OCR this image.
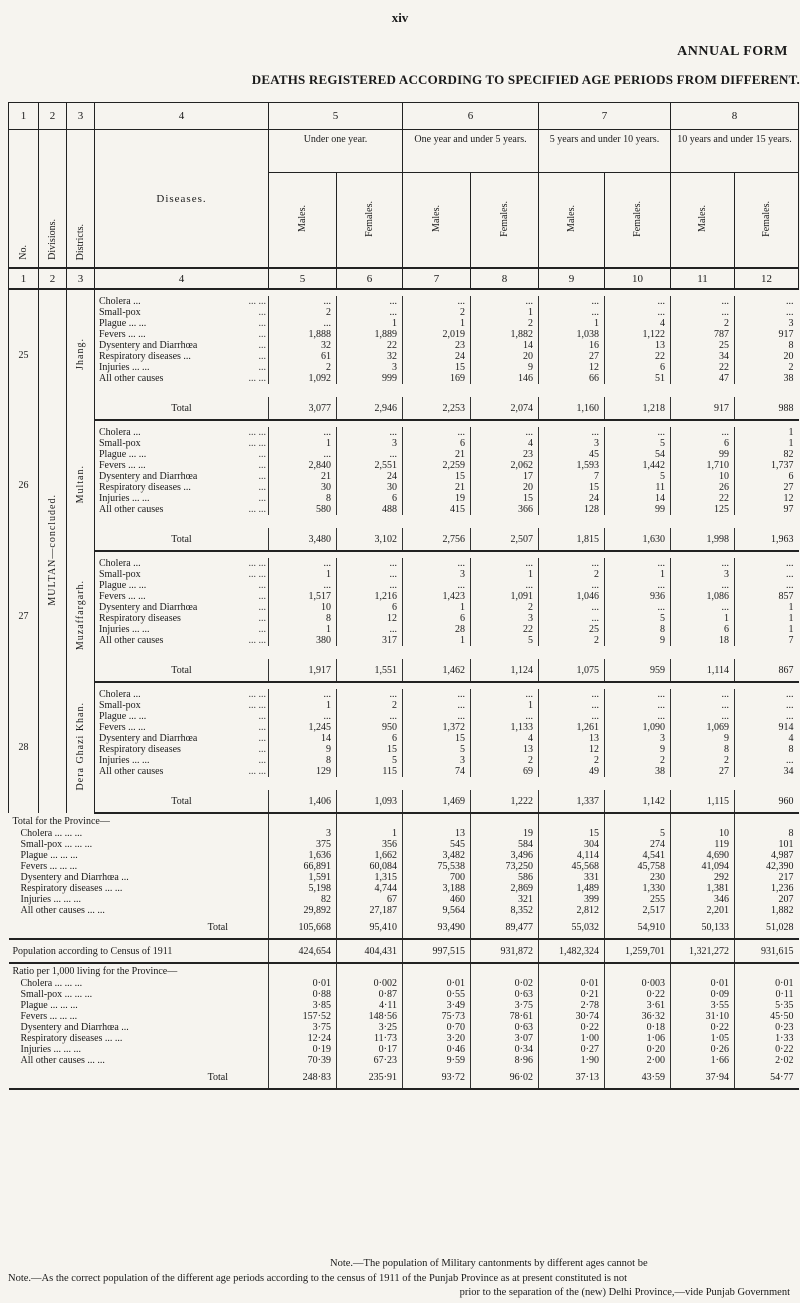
xiv
ANNUAL FORM
DEATHS REGISTERED ACCORDING TO SPECIFIED AGE PERIODS FROM DIFFERENT.
1	2	3	4	5		6		7		8	
No.	Divisions.	Districts.	Diseases.	Under one year.		One year and under 5 years.		5 years and under 10 years.		10 years and under 15 years.	
				Males.	Females.	Males.	Females.	Males.	Females.	Males.	Females.
1	2	3	4	5	6	7	8	9	10	11	12
25	MULTAN—concluded.	Jhang.									
			Cholera ... ... ...	...	...	...	...	...	...	...	...
			Small-pox ...	2	...	2	1	...	...	...	...
			Plague ... ... ...	...	1	1	2	1	4	2	3
			Fevers ... ... ...	1,888	1,889	2,019	1,882	1,038	1,122	787	917
			Dysentery and Diarrhœa ...	32	22	23	14	16	13	25	8
			Respiratory diseases ... ...	61	32	24	20	27	22	34	20
			Injuries ... ... ...	2	3	15	9	12	6	22	2
			All other causes ... ...	1,092	999	169	146	66	51	47	38

			Total	3,077	2,946	2,253	2,074	1,160	1,218	917	988
26		Multan.									
			Cholera ... ... ...	...	...	...	...	...	...	...	1
			Small-pox ... ...	1	3	6	4	3	5	6	1
			Plague ... ... ...	...	...	21	23	45	54	99	82
			Fevers ... ... ...	2,840	2,551	2,259	2,062	1,593	1,442	1,710	1,737
			Dysentery and Diarrhœa ...	21	24	15	17	7	5	10	6
			Respiratory diseases ... ...	30	30	21	20	15	11	26	27
			Injuries ... ... ...	8	6	19	15	24	14	22	12
			All other causes ... ...	580	488	415	366	128	99	125	97

			Total	3,480	3,102	2,756	2,507	1,815	1,630	1,998	1,963
27		Muzaffargarh.									
			Cholera ... ... ...	...	...	...	...	...	...	...	...
			Small-pox ... ...	1	...	3	1	2	1	3	...
			Plague ... ... ...	...	...	...	...	...	...	...	...
			Fevers ... ... ...	1,517	1,216	1,423	1,091	1,046	936	1,086	857
			Dysentery and Diarrhœa ...	10	6	1	2	...	...	...	1
			Respiratory diseases ...	8	12	6	3	...	5	1	1
			Injuries ... ... ...	1	...	28	22	25	8	6	1
			All other causes ... ...	380	317	1	5	2	9	18	7

			Total	1,917	1,551	1,462	1,124	1,075	959	1,114	867
28		Dera Ghazi Khan.									
			Cholera ... ... ...	...	...	...	...	...	...	...	...
			Small-pox ... ...	1	2	...	1	...	...	...	...
			Plague ... ... ...	...	...	...	...	...	...	...	...
			Fevers ... ... ...	1,245	950	1,372	1,133	1,261	1,090	1,069	914
			Dysentery and Diarrhœa ...	14	6	15	4	13	3	9	4
			Respiratory diseases ...	9	15	5	13	12	9	8	8
			Injuries ... ... ...	8	5	3	2	2	2	2	...
			All other causes ... ...	129	115	74	69	49	38	27	34

			Total	1,406	1,093	1,469	1,222	1,337	1,142	1,115	960
Total for the Province—											
Cholera ... ... ...				3	1	13	19	15	5	10	8
Small-pox ... ... ...				375	356	545	584	304	274	119	101
Plague ... ... ...				1,636	1,662	3,482	3,496	4,114	4,541	4,690	4,987
Fevers ... ... ...				66,891	60,084	75,538	73,250	45,568	45,758	41,094	42,390
Dysentery and Diarrhœa ...				1,591	1,315	700	586	331	230	292	217
Respiratory diseases ... ...				5,198	4,744	3,188	2,869	1,489	1,330	1,381	1,236
Injuries ... ... ...				82	67	460	321	399	255	346	207
All other causes ... ...				29,892	27,187	9,564	8,352	2,812	2,517	2,201	1,882
Total				105,668	95,410	93,490	89,477	55,032	54,910	50,133	51,028
Population according to Census of 1911				424,654	404,431	997,515	931,872	1,482,324	1,259,701	1,321,272	931,615
Ratio per 1,000 living for the Province—											
Cholera ... ... ...				0·01	0·002	0·01	0·02	0·01	0·003	0·01	0·01
Small-pox ... ... ...				0·88	0·87	0·55	0·63	0·21	0·22	0·09	0·11
Plague ... ... ...				3·85	4·11	3·49	3·75	2·78	3·61	3·55	5·35
Fevers ... ... ...				157·52	148·56	75·73	78·61	30·74	36·32	31·10	45·50
Dysentery and Diarrhœa ...				3·75	3·25	0·70	0·63	0·22	0·18	0·22	0·23
Respiratory diseases ... ...				12·24	11·73	3·20	3·07	1·00	1·06	1·05	1·33
Injuries ... ... ...				0·19	0·17	0·46	0·34	0·27	0·20	0·26	0·22
All other causes ... ...				70·39	67·23	9·59	8·96	1·90	2·00	1·66	2·02
Total				248·83	235·91	93·72	96·02	37·13	43·59	37·94	54·77
Note.—The population of Military cantonments by different ages cannot be
Note.—As the correct population of the different age periods according to the census of 1911 of the Punjab Province as at present constituted is not
prior to the separation of the (new) Delhi Province,—vide Punjab Government
